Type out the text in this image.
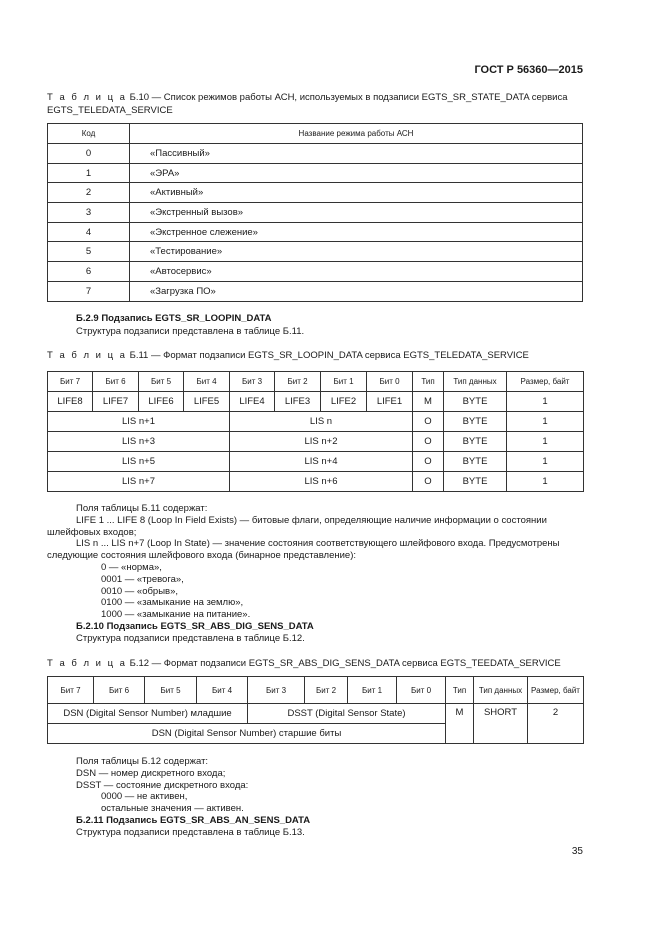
ГОСТ Р 56360—2015
Т а б л и ц а Б.10 — Список режимов работы АСН, используемых в подзаписи EGTS_SR_STATE_DATA сервиса EGTS_TELEDATA_SERVICE
Код	Название режима работы АСН
0	«Пассивный»
1	«ЭРА»
2	«Активный»
3	«Экстренный вызов»
4	«Экстренное слежение»
5	«Тестирование»
6	«Автосервис»
7	«Загрузка ПО»
Б.2.9 Подзапись EGTS_SR_LOOPIN_DATA
Структура подзаписи представлена в таблице Б.11.
Т а б л и ц а Б.11 — Формат подзаписи EGTS_SR_LOOPIN_DATA сервиса EGTS_TELEDATA_SERVICE
Бит 7	Бит 6	Бит 5	Бит 4	Бит 3	Бит 2	Бит 1	Бит 0	Тип	Тип данных	Размер, байт
LIFE8	LIFE7	LIFE6	LIFE5	LIFE4	LIFE3	LIFE2	LIFE1	M	BYTE	1
LIS n+1				LIS n				O	BYTE	1
LIS n+3				LIS n+2				O	BYTE	1
LIS n+5				LIS n+4				O	BYTE	1
LIS n+7				LIS n+6				O	BYTE	1
Поля таблицы Б.11 содержат:
LIFE 1 ... LIFE 8 (Loop In Field Exists) — битовые флаги, определяющие наличие информации о состоянии
шлейфовых входов;
LIS n ... LIS n+7 (Loop In State) — значение состояния соответствующего шлейфового входа. Предусмотрены
следующие состояния шлейфового входа (бинарное представление):
0 — «норма»,
0001 — «тревога»,
0010 — «обрыв»,
0100 — «замыкание на землю»,
1000 — «замыкание на питание».
Б.2.10 Подзапись EGTS_SR_ABS_DIG_SENS_DATA
Структура подзаписи представлена в таблице Б.12.
Т а б л и ц а Б.12 — Формат подзаписи EGTS_SR_ABS_DIG_SENS_DATA сервиса EGTS_TEEDATA_SERVICE
Бит 7	Бит 6	Бит 5	Бит 4	Бит 3	Бит 2	Бит 1	Бит 0	Тип	Тип данных	Размер, байт
DSN (Digital Sensor Number) младшие				DSST (Digital Sensor State)				M	SHORT	2
DSN (Digital Sensor Number) старшие биты										
Поля таблицы Б.12 содержат:
DSN — номер дискретного входа;
DSST — состояние дискретного входа:
0000 — не активен,
остальные значения — активен.
Б.2.11 Подзапись EGTS_SR_ABS_AN_SENS_DATA
Структура подзаписи представлена в таблице Б.13.
35
